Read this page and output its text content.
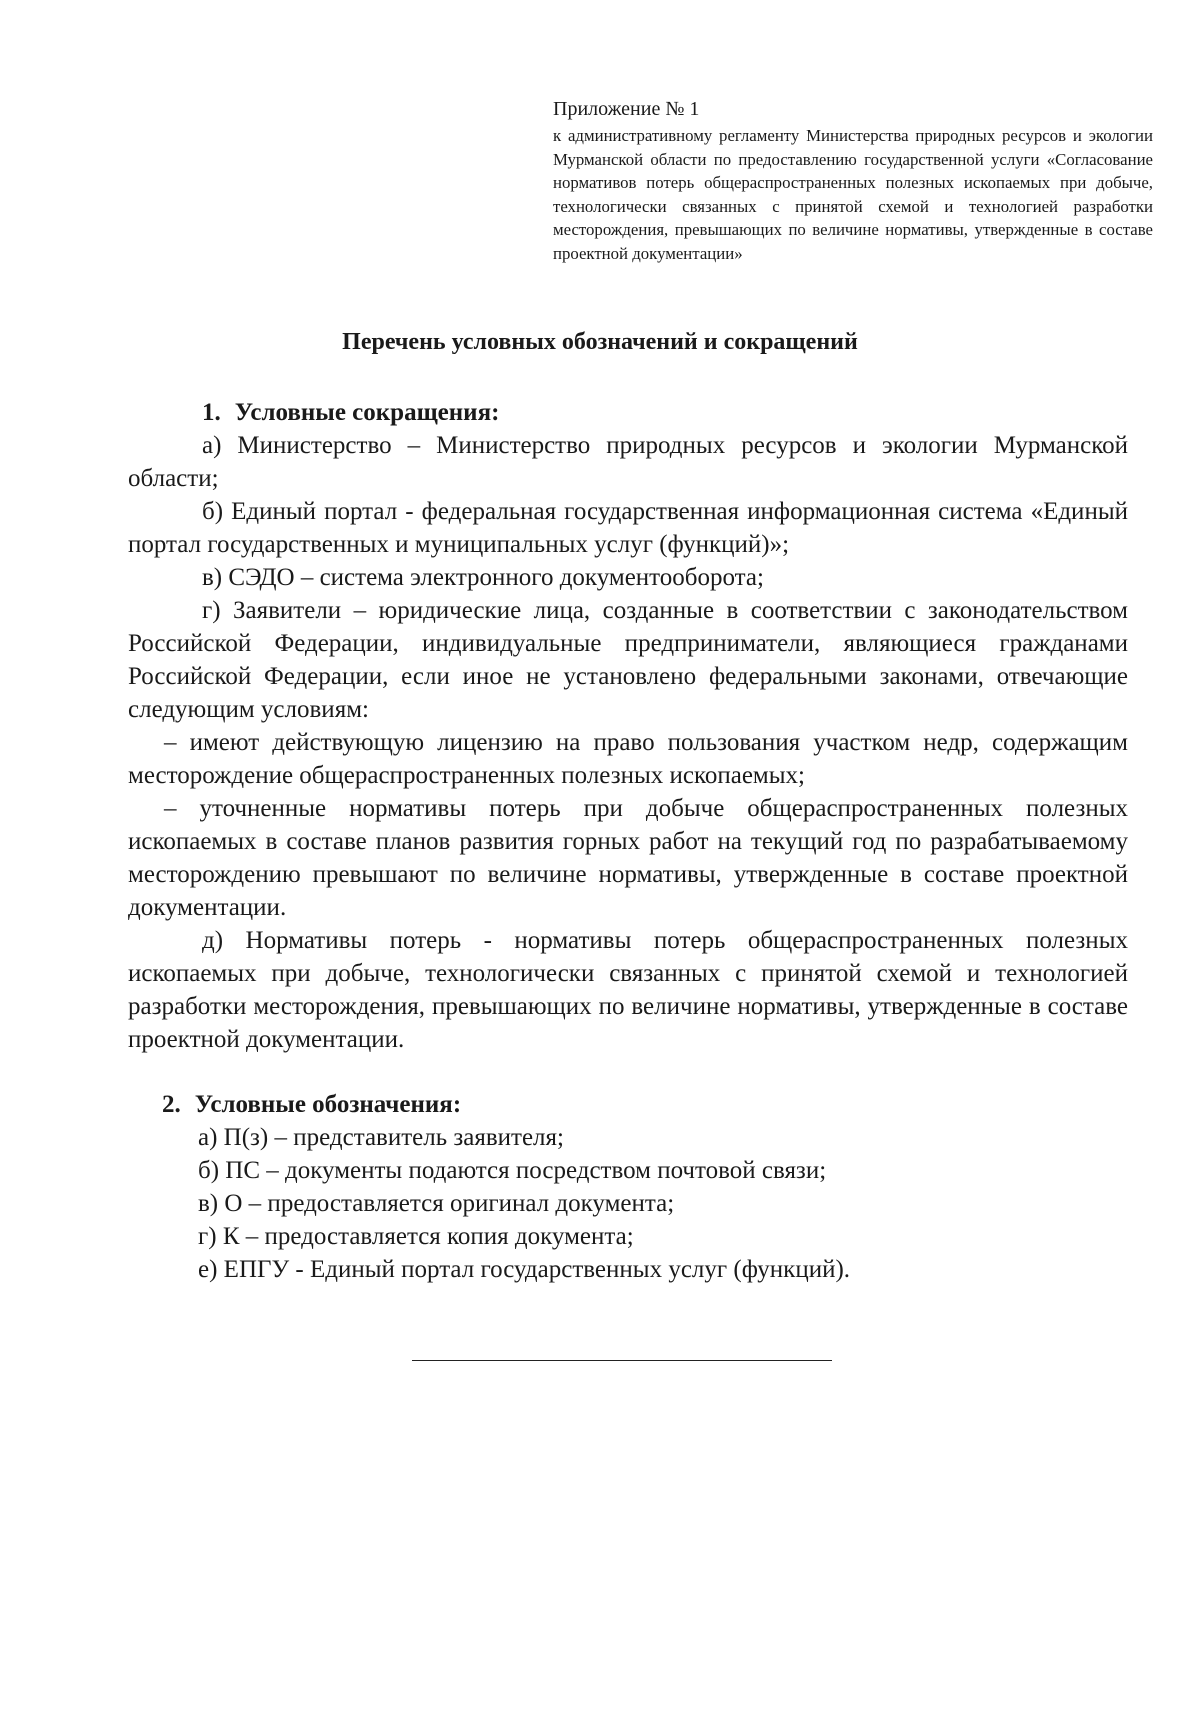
Приложение № 1

к административному регламенту Министерства природных ресурсов и экологии Мурманской области по предоставлению государственной услуги «Согласование нормативов потерь общераспространенных полезных ископаемых при добыче, технологически связанных с принятой схемой и технологией разработки месторождения, превышающих по величине нормативы, утвержденные в составе проектной документации»

Перечень условных обозначений и сокращений

1. Условные сокращения:

а) Министерство – Министерство природных ресурсов и экологии Мурманской области;

б) Единый портал - федеральная государственная информационная система «Единый портал государственных и муниципальных услуг (функций)»;

в) СЭДО – система электронного документооборота;

г) Заявители – юридические лица, созданные в соответствии с законодательством Российской Федерации, индивидуальные предприниматели, являющиеся гражданами Российской Федерации, если иное не установлено федеральными законами, отвечающие следующим условиям:

– имеют действующую лицензию на право пользования участком недр, содержащим месторождение общераспространенных полезных ископаемых;

– уточненные нормативы потерь при добыче общераспространенных полезных ископаемых в составе планов развития горных работ на текущий год по разрабатываемому месторождению превышают по величине нормативы, утвержденные в составе проектной документации.

д) Нормативы потерь - нормативы потерь общераспространенных полезных ископаемых при добыче, технологически связанных с принятой схемой и технологией разработки месторождения, превышающих по величине нормативы, утвержденные в составе проектной документации.

2. Условные обозначения:

а) П(з) – представитель заявителя;
б) ПС – документы подаются посредством почтовой связи;
в) О – предоставляется оригинал документа;
г) К – предоставляется копия документа;
е) ЕПГУ - Единый портал государственных услуг (функций).
